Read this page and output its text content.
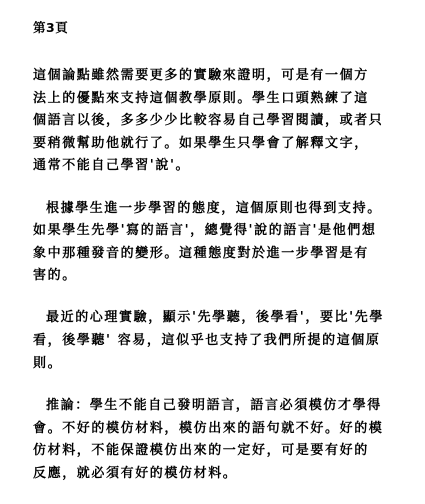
第3頁
這個論點雖然需要更多的實驗來證明，可是有一個方
法上的優點來支持這個教學原則。學生口頭熟練了這
個語言以後，多多少少比較容易自己學習閱讀，或者只
要稍微幫助他就行了。如果學生只學會了解釋文字，
通常不能自己學習'說'。
根據學生進一步學習的態度，這個原則也得到支持。
如果學生先學'寫的語言'，總覺得'說的語言'是他們想
象中那種發音的變形。這種態度對於進一步學習是有
害的。
最近的心理實驗，顯示'先學聽，後學看'，要比'先學
看，後學聽' 容易，這似乎也支持了我們所提的這個原
則。
推論：學生不能自己發明語言，語言必須模仿才學得
會。不好的模仿材料，模仿出來的語句就不好。好的模
仿材料，不能保證模仿出來的一定好，可是要有好的
反應，就必須有好的模仿材料。
